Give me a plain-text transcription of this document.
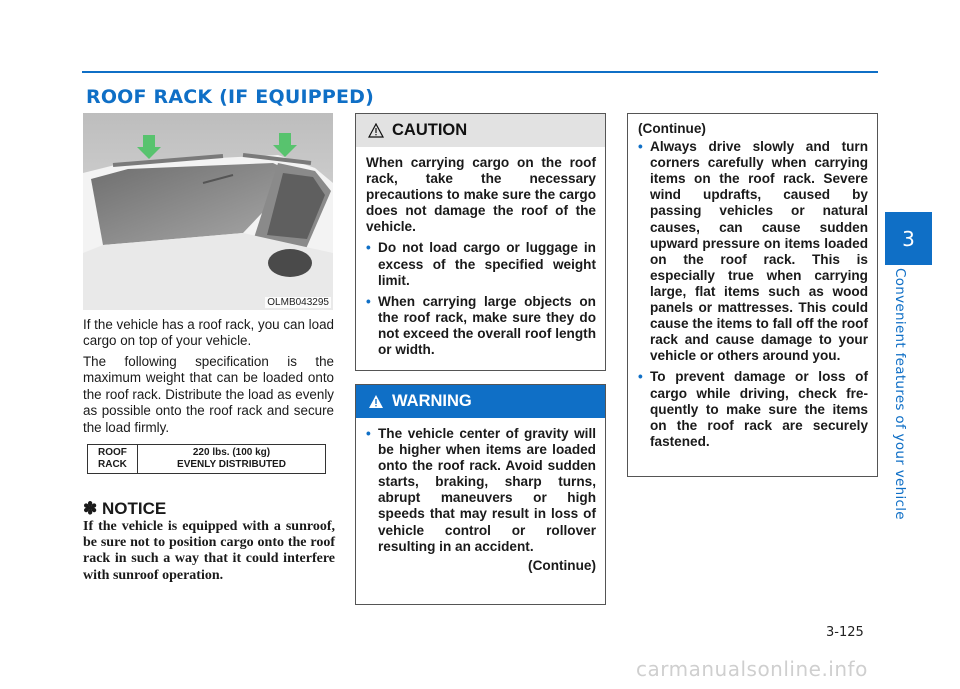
ROOF RACK (IF EQUIPPED)
3
Convenient features of your vehicle
OLMB043295

If the vehicle has a roof rack, you can load cargo on top of your vehicle.

The following specification is the maximum weight that can be loaded onto the roof rack. Distribute the load as evenly as possible onto the roof rack and secure the load firmly.

ROOF
RACK
220 lbs. (100 kg)
EVENLY DISTRIBUTED
✽ NOTICE

If the vehicle is equipped with a sunroof, be sure not to position cargo onto the roof rack in such a way that it could interfere with sunroof operation.

CAUTION

When carrying cargo on the roof rack, take the necessary precautions to make sure the cargo does not damage the roof of the vehicle.

• Do not load cargo or luggage in excess of the specified weight limit.
• When carrying large objects on the roof rack, make sure they do not exceed the overall roof length or width.
WARNING
• The vehicle center of gravity will be higher when items are loaded onto the roof rack. Avoid sudden starts, braking, sharp turns, abrupt maneuvers or high speeds that may result in loss of vehicle control or rollover resulting in an accident.

(Continue)

(Continue)

• Always drive slowly and turn corners carefully when carrying items on the roof rack. Severe wind updrafts, caused by passing vehicles or natural causes, can cause sudden upward pressure on items loaded on the roof rack. This is especially true when carrying large, flat items such as wood panels or mattresses. This could cause the items to fall off the roof rack and cause damage to your vehicle or others around you.
• To prevent damage or loss of cargo while driving, check frequently to make sure the items on the roof rack are securely fastened.
3-125
carmanualsonline.info
